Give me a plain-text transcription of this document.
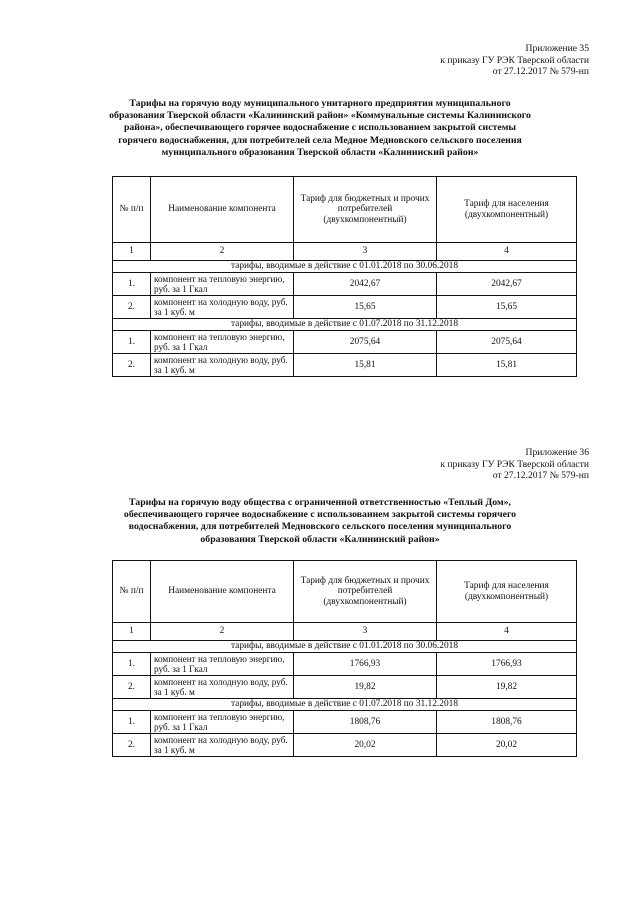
Приложение 35
к приказу ГУ РЭК Тверской области
от 27.12.2017 № 579-нп
Тарифы на горячую воду муниципального унитарного предприятия муниципального
образования Тверской области «Калининский район» «Коммунальные системы Калининского
района», обеспечивающего горячее водоснабжение с использованием закрытой системы
горячего водоснабжения, для потребителей села Медное Медновского сельского поселения
муниципального образования Тверской области «Калининский район»
№ п/п	Наименование компонента	Тариф для бюджетных и прочих потребителей (двухкомпонентный)	Тариф для населения (двухкомпонентный)
1	2	3	4
тарифы, вводимые в действие с 01.01.2018 по 30.06.2018			
1.	компонент на тепловую энергию, руб. за 1 Гкал	2042,67	2042,67
2.	компонент на холодную воду, руб. за 1 куб. м	15,65	15,65
тарифы, вводимые в действие с 01.07.2018 по 31.12.2018			
1.	компонент на тепловую энергию, руб. за 1 Гкал	2075,64	2075,64
2.	компонент на холодную воду, руб. за 1 куб. м	15,81	15,81
Приложение 36
к приказу ГУ РЭК Тверской области
от 27.12.2017 № 579-нп
Тарифы на горячую воду общества с ограниченной ответственностью «Теплый Дом»,
обеспечивающего горячее водоснабжение с использованием закрытой системы горячего
водоснабжения, для потребителей Медновского сельского поселения муниципального
образования Тверской области «Калининский район»
№ п/п	Наименование компонента	Тариф для бюджетных и прочих потребителей (двухкомпонентный)	Тариф для населения (двухкомпонентный)
1	2	3	4
тарифы, вводимые в действие с 01.01.2018 по 30.06.2018			
1.	компонент на тепловую энергию, руб. за 1 Гкал	1766,93	1766,93
2.	компонент на холодную воду, руб. за 1 куб. м	19,82	19,82
тарифы, вводимые в действие с 01.07.2018 по 31.12.2018			
1.	компонент на тепловую энергию, руб. за 1 Гкал	1808,76	1808,76
2.	компонент на холодную воду, руб. за 1 куб. м	20,02	20,02
